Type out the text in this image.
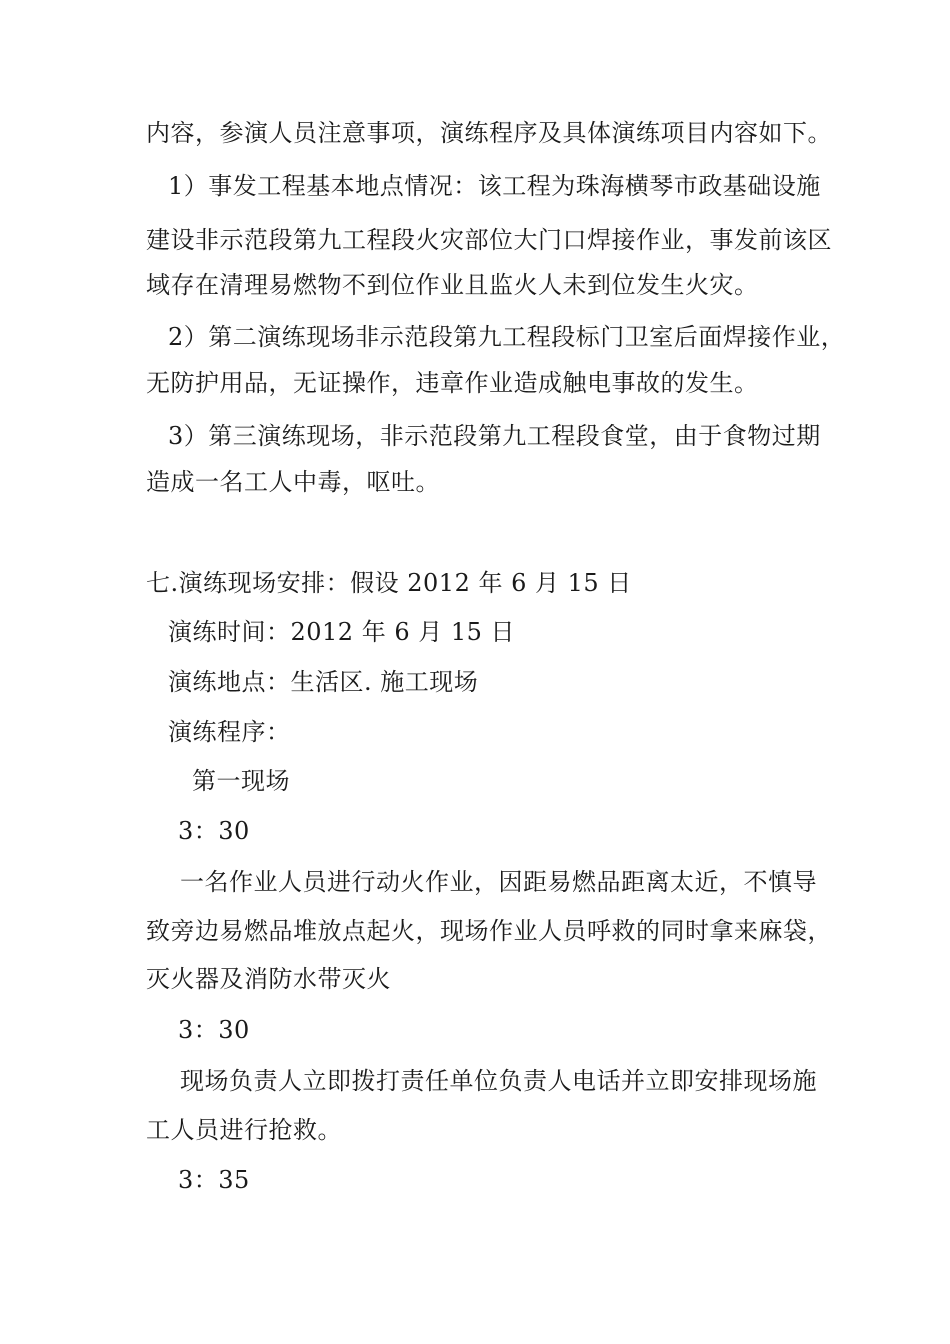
内容，参演人员注意事项，演练程序及具体演练项目内容如下。
1）事发工程基本地点情况：该工程为珠海横琴市政基础设施
建设非示范段第九工程段火灾部位大门口焊接作业，事发前该区
域存在清理易燃物不到位作业且监火人未到位发生火灾。
2）第二演练现场非示范段第九工程段标门卫室后面焊接作业，
无防护用品，无证操作，违章作业造成触电事故的发生。
3）第三演练现场，非示范段第九工程段食堂，由于食物过期
造成一名工人中毒，呕吐。
七.演练现场安排：假设 2012 年 6 月 15 日
演练时间：2012 年 6 月 15 日
演练地点：生活区. 施工现场
演练程序：
第一现场
3：30
一名作业人员进行动火作业，因距易燃品距离太近，不慎导
致旁边易燃品堆放点起火，现场作业人员呼救的同时拿来麻袋，
灭火器及消防水带灭火
3：30
现场负责人立即拨打责任单位负责人电话并立即安排现场施
工人员进行抢救。
3：35
